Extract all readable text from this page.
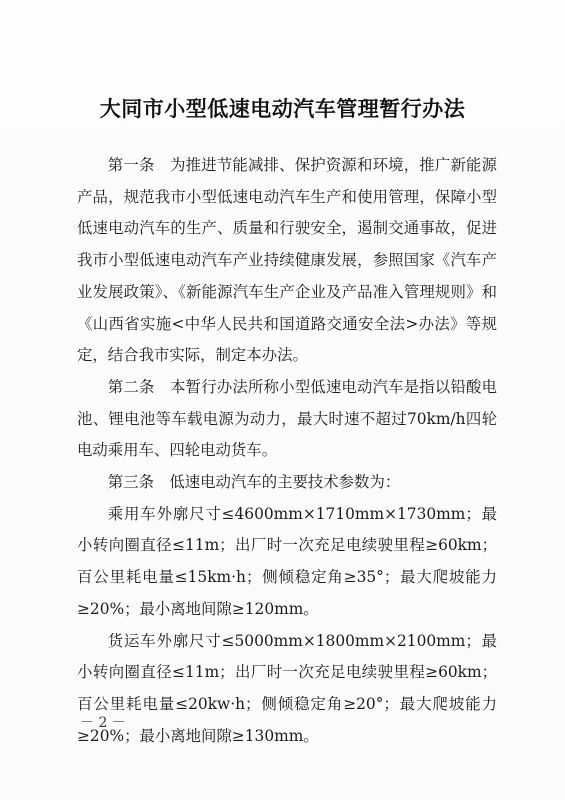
大同市小型低速电动汽车管理暂行办法

第一条　为推进节能减排、保护资源和环境，推广新能源产品，规范我市小型低速电动汽车生产和使用管理，保障小型低速电动汽车的生产、质量和行驶安全，遏制交通事故，促进我市小型低速电动汽车产业持续健康发展，参照国家《汽车产业发展政策》、《新能源汽车生产企业及产品准入管理规则》和《山西省实施<中华人民共和国道路交通安全法>办法》等规定，结合我市实际，制定本办法。

第二条　本暂行办法所称小型低速电动汽车是指以铅酸电池、锂电池等车载电源为动力，最大时速不超过70km/h四轮电动乘用车、四轮电动货车。

第三条　低速电动汽车的主要技术参数为：

乘用车外廓尺寸≤4600mm×1710mm×1730mm；最小转向圈直径≤11m；出厂时一次充足电续驶里程≥60km；百公里耗电量≤15km·h；侧倾稳定角≥35°；最大爬坡能力≥20%；最小离地间隙≥120mm。

货运车外廓尺寸≤5000mm×1800mm×2100mm；最小转向圈直径≤11m；出厂时一次充足电续驶里程≥60km；百公里耗电量≤20kw·h；侧倾稳定角≥20°；最大爬坡能力≥20%；最小离地间隙≥130mm。

－ 2 －
